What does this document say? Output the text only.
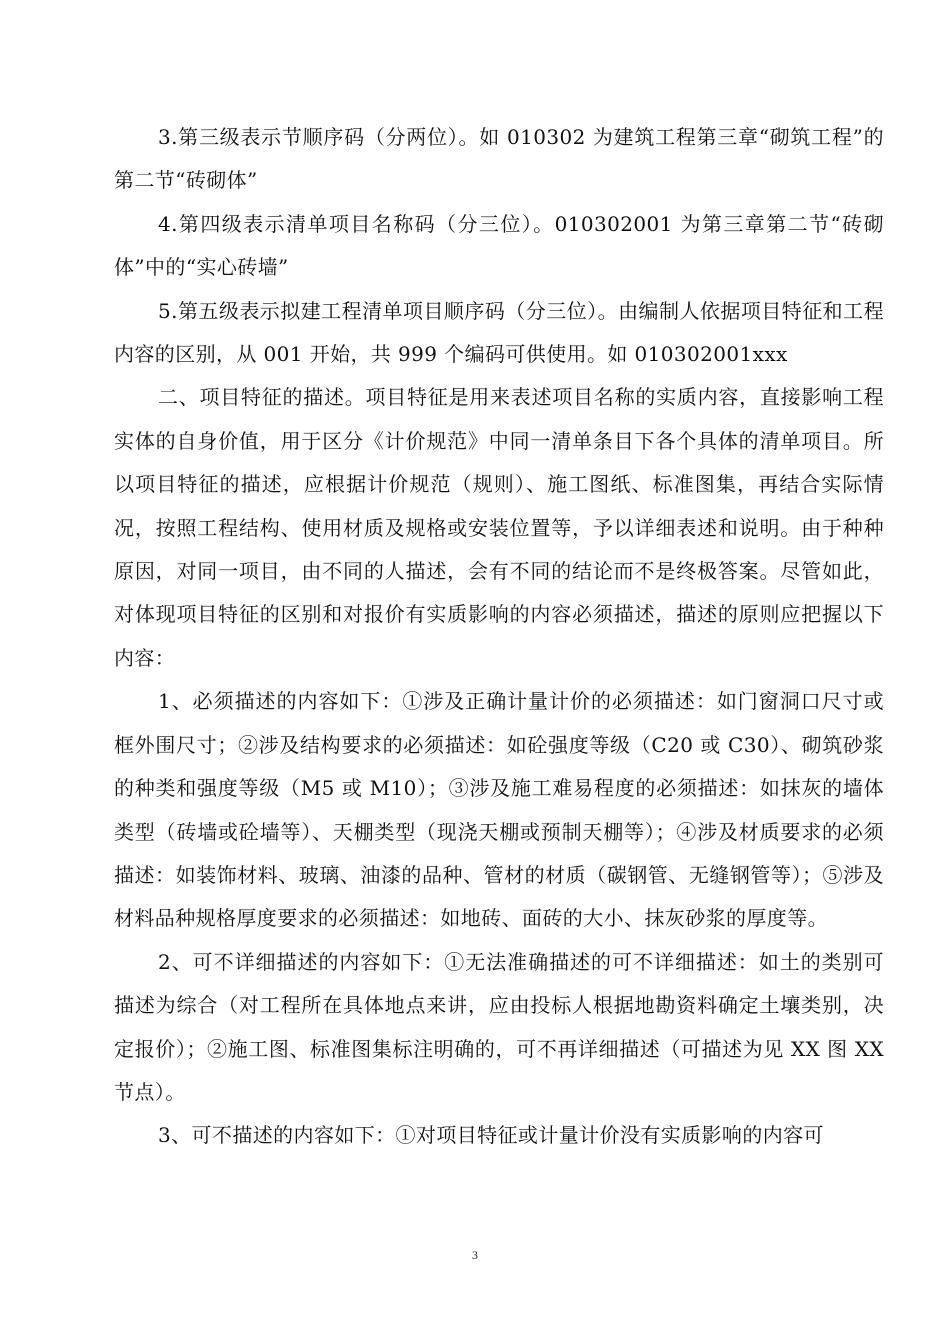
3.第三级表示节顺序码（分两位）。如 010302 为建筑工程第三章“砌筑工程”的第二节“砖砌体”

4.第四级表示清单项目名称码（分三位）。010302001 为第三章第二节“砖砌体”中的“实心砖墙”

5.第五级表示拟建工程清单项目顺序码（分三位）。由编制人依据项目特征和工程内容的区别，从 001 开始，共 999 个编码可供使用。如 010302001xxx

二、项目特征的描述。项目特征是用来表述项目名称的实质内容，直接影响工程实体的自身价值，用于区分《计价规范》中同一清单条目下各个具体的清单项目。所以项目特征的描述，应根据计价规范（规则）、施工图纸、标准图集，再结合实际情况，按照工程结构、使用材质及规格或安装位置等，予以详细表述和说明。由于种种原因，对同一项目，由不同的人描述，会有不同的结论而不是终极答案。尽管如此，对体现项目特征的区别和对报价有实质影响的内容必须描述，描述的原则应把握以下内容：

1、必须描述的内容如下：①涉及正确计量计价的必须描述：如门窗洞口尺寸或框外围尺寸；②涉及结构要求的必须描述：如砼强度等级（C20 或 C30）、砌筑砂浆的种类和强度等级（M5 或 M10）；③涉及施工难易程度的必须描述：如抹灰的墙体类型（砖墙或砼墙等）、天棚类型（现浇天棚或预制天棚等）；④涉及材质要求的必须描述：如装饰材料、玻璃、油漆的品种、管材的材质（碳钢管、无缝钢管等）；⑤涉及材料品种规格厚度要求的必须描述：如地砖、面砖的大小、抹灰砂浆的厚度等。

2、可不详细描述的内容如下：①无法准确描述的可不详细描述：如土的类别可描述为综合（对工程所在具体地点来讲，应由投标人根据地勘资料确定土壤类别，决定报价）；②施工图、标准图集标注明确的，可不再详细描述（可描述为见 XX 图 XX 节点）。

3、可不描述的内容如下：①对项目特征或计量计价没有实质影响的内容可

3
